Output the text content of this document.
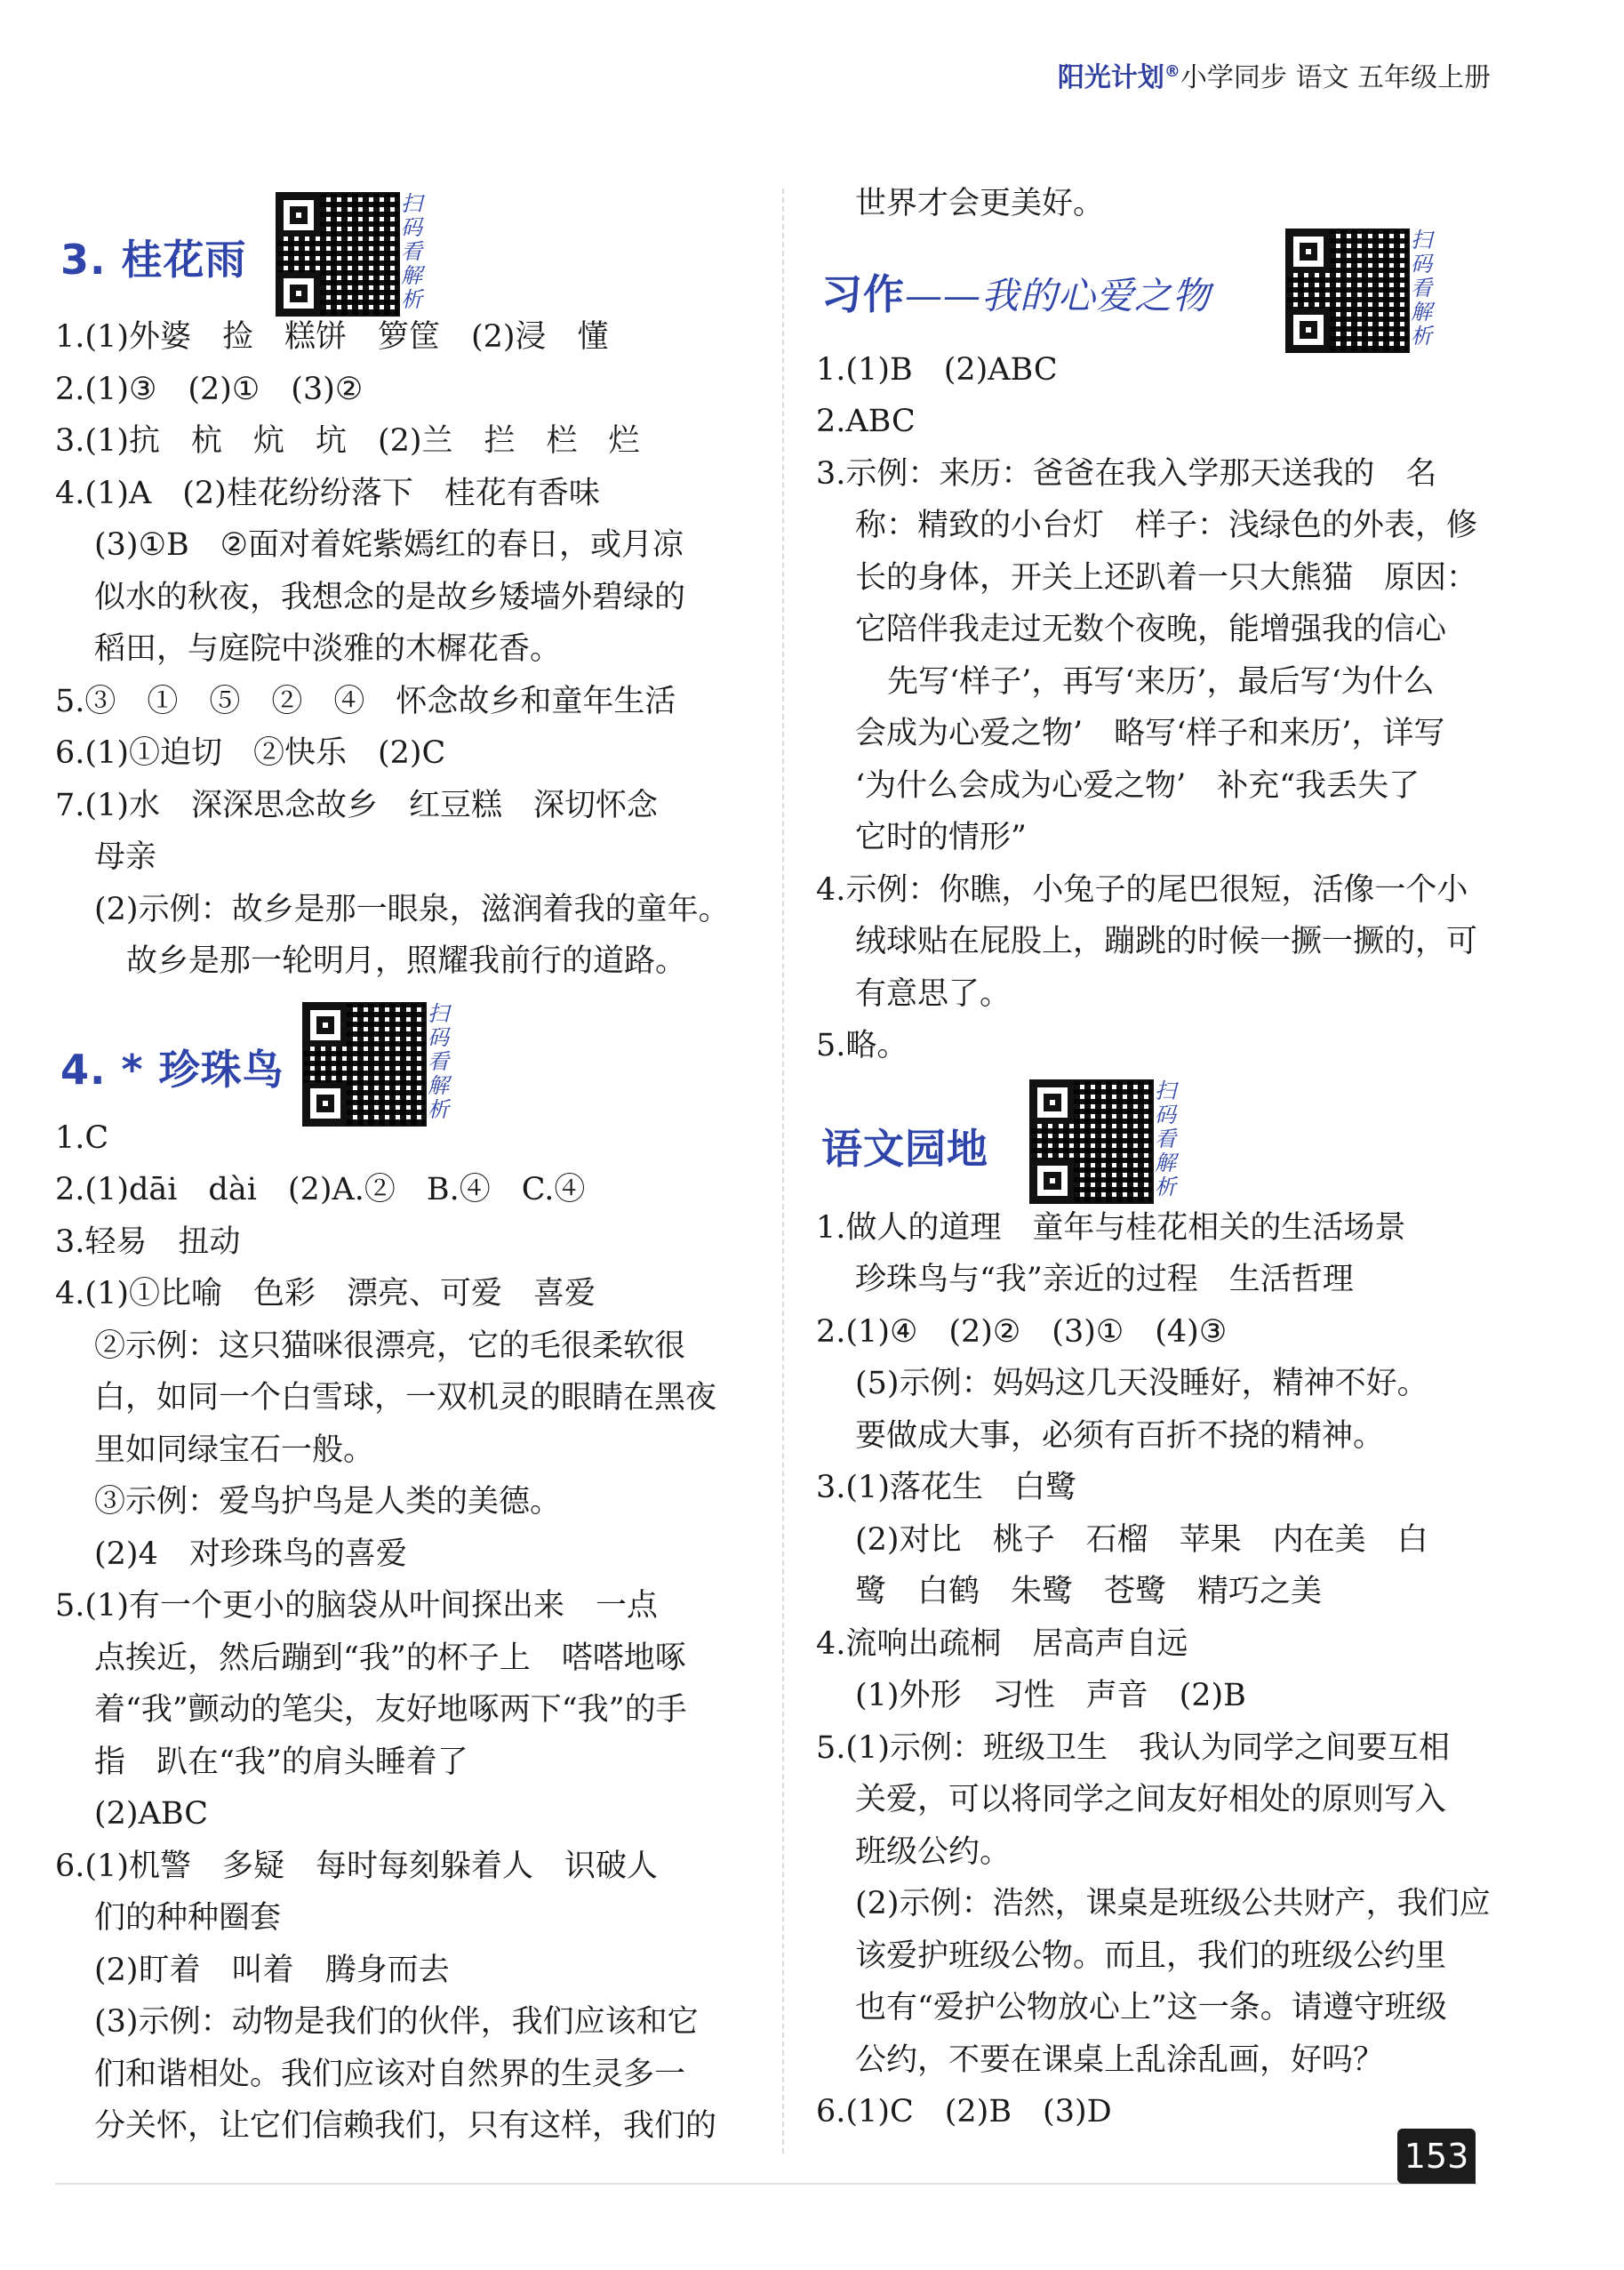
阳光计划®小学同步 语文 五年级上册
3. 桂花雨
扫码看解析
1.(1)外婆　捡　糕饼　箩筐　(2)浸　懂
2.(1)③　(2)①　(3)②
3.(1)抗　杭　炕　坑　(2)兰　拦　栏　烂
4.(1)A　(2)桂花纷纷落下　桂花有香味
(3)①B　②面对着姹紫嫣红的春日，或月凉
似水的秋夜，我想念的是故乡矮墙外碧绿的
稻田，与庭院中淡雅的木樨花香。
5.③　①　⑤　②　④　怀念故乡和童年生活
6.(1)①迫切　②快乐　(2)C
7.(1)水　深深思念故乡　红豆糕　深切怀念
母亲
(2)示例：故乡是那一眼泉，滋润着我的童年。
故乡是那一轮明月，照耀我前行的道路。
4. * 珍珠鸟
扫码看解析
1.C
2.(1)dāi　dài　(2)A.②　B.④　C.④
3.轻易　扭动
4.(1)①比喻　色彩　漂亮、可爱　喜爱
②示例：这只猫咪很漂亮，它的毛很柔软很
白，如同一个白雪球，一双机灵的眼睛在黑夜
里如同绿宝石一般。
③示例：爱鸟护鸟是人类的美德。
(2)4　对珍珠鸟的喜爱
5.(1)有一个更小的脑袋从叶间探出来　一点
点挨近，然后蹦到“我”的杯子上　嗒嗒地啄
着“我”颤动的笔尖，友好地啄两下“我”的手
指　趴在“我”的肩头睡着了
(2)ABC
6.(1)机警　多疑　每时每刻躲着人　识破人
们的种种圈套
(2)盯着　叫着　腾身而去
(3)示例：动物是我们的伙伴，我们应该和它
们和谐相处。我们应该对自然界的生灵多一
分关怀，让它们信赖我们，只有这样，我们的
世界才会更美好。
习作——我的心爱之物
扫码看解析
1.(1)B　(2)ABC
2.ABC
3.示例：来历：爸爸在我入学那天送我的　名
称：精致的小台灯　样子：浅绿色的外表，修
长的身体，开关上还趴着一只大熊猫　原因：
它陪伴我走过无数个夜晚，能增强我的信心
先写‘样子’，再写‘来历’，最后写‘为什么
会成为心爱之物’　略写‘样子和来历’，详写
‘为什么会成为心爱之物’　补充“我丢失了
它时的情形”
4.示例：你瞧，小兔子的尾巴很短，活像一个小
绒球贴在屁股上，蹦跳的时候一撅一撅的，可
有意思了。
5.略。
语文园地
扫码看解析
1.做人的道理　童年与桂花相关的生活场景
珍珠鸟与“我”亲近的过程　生活哲理
2.(1)④　(2)②　(3)①　(4)③
(5)示例：妈妈这几天没睡好，精神不好。
要做成大事，必须有百折不挠的精神。
3.(1)落花生　白鹭
(2)对比　桃子　石榴　苹果　内在美　白
鹭　白鹤　朱鹭　苍鹭　精巧之美
4.流响出疏桐　居高声自远
(1)外形　习性　声音　(2)B
5.(1)示例：班级卫生　我认为同学之间要互相
关爱，可以将同学之间友好相处的原则写入
班级公约。
(2)示例：浩然，课桌是班级公共财产，我们应
该爱护班级公物。而且，我们的班级公约里
也有“爱护公物放心上”这一条。请遵守班级
公约，不要在课桌上乱涂乱画，好吗？
6.(1)C　(2)B　(3)D
153
